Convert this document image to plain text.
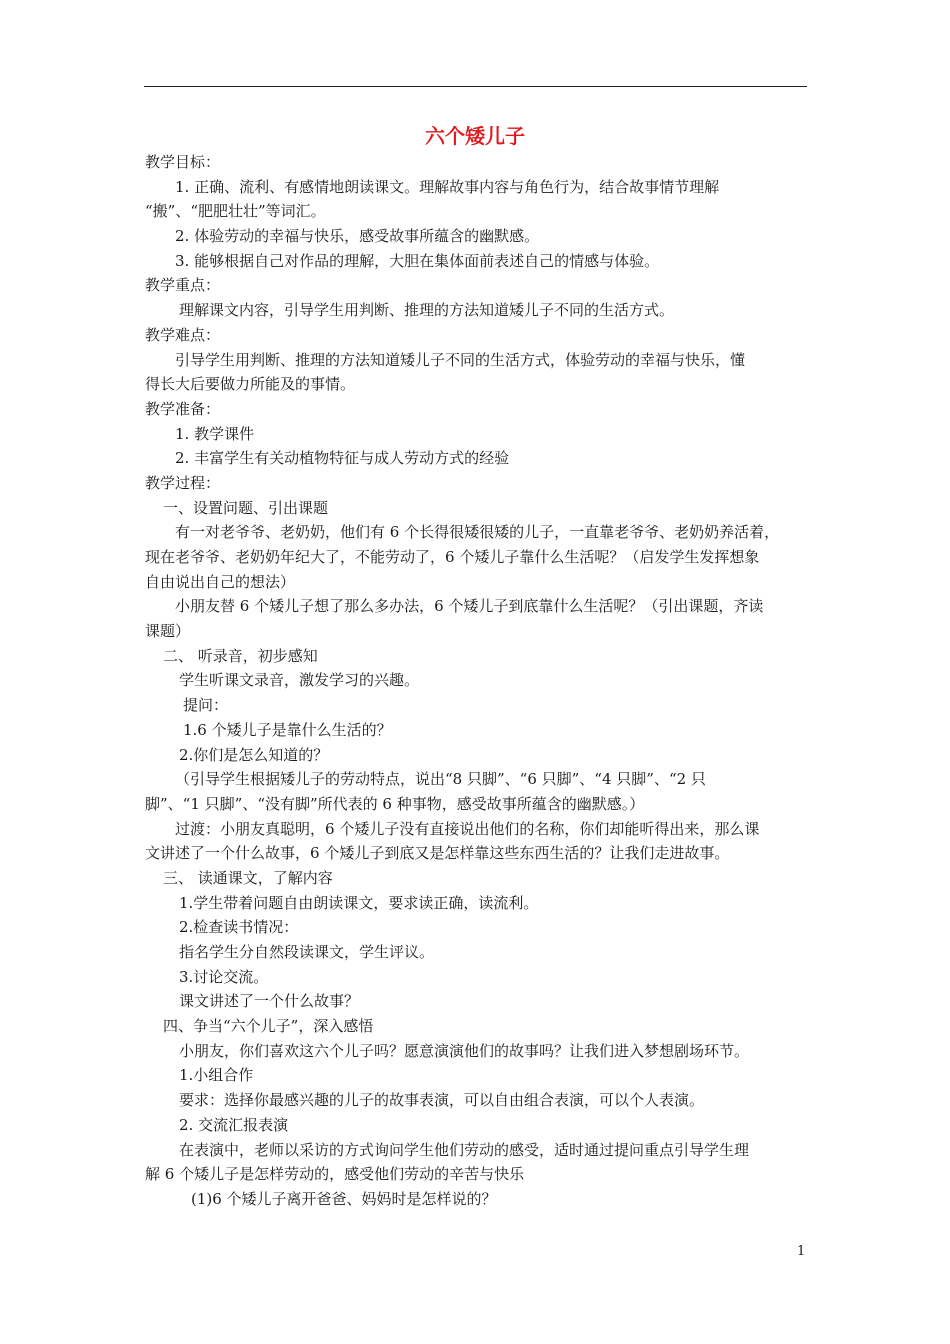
六个矮儿子
教学目标：
1. 正确、流利、有感情地朗读课文。理解故事内容与角色行为，结合故事情节理解
“搬”、“肥肥壮壮”等词汇。
2. 体验劳动的幸福与快乐，感受故事所蕴含的幽默感。
3. 能够根据自己对作品的理解，大胆在集体面前表述自己的情感与体验。
教学重点：
理解课文内容，引导学生用判断、推理的方法知道矮儿子不同的生活方式。
教学难点：
引导学生用判断、推理的方法知道矮儿子不同的生活方式，体验劳动的幸福与快乐，懂
得长大后要做力所能及的事情。
教学准备：
1. 教学课件
2. 丰富学生有关动植物特征与成人劳动方式的经验
教学过程：
一、设置问题、引出课题
有一对老爷爷、老奶奶，他们有 6 个长得很矮很矮的儿子，一直靠老爷爷、老奶奶养活着，
现在老爷爷、老奶奶年纪大了，不能劳动了，6 个矮儿子靠什么生活呢？（启发学生发挥想象
自由说出自己的想法）
小朋友替 6 个矮儿子想了那么多办法，6 个矮儿子到底靠什么生活呢？（引出课题，齐读
课题）
二、 听录音，初步感知
学生听课文录音，激发学习的兴趣。
提问：
1.6 个矮儿子是靠什么生活的？
2.你们是怎么知道的？
（引导学生根据矮儿子的劳动特点，说出“8 只脚”、“6 只脚”、“4 只脚”、“2 只
脚”、“1 只脚”、“没有脚”所代表的 6 种事物，感受故事所蕴含的幽默感。）
过渡：小朋友真聪明，6 个矮儿子没有直接说出他们的名称，你们却能听得出来，那么课
文讲述了一个什么故事，6 个矮儿子到底又是怎样靠这些东西生活的？让我们走进故事。
三、 读通课文，了解内容
1.学生带着问题自由朗读课文，要求读正确，读流利。
2.检查读书情况：
指名学生分自然段读课文，学生评议。
3.讨论交流。
课文讲述了一个什么故事？
四、争当“六个儿子”，深入感悟
小朋友，你们喜欢这六个儿子吗？愿意演演他们的故事吗？让我们进入梦想剧场环节。
1.小组合作
要求：选择你最感兴趣的儿子的故事表演，可以自由组合表演，可以个人表演。
2. 交流汇报表演
在表演中，老师以采访的方式询问学生他们劳动的感受，适时通过提问重点引导学生理
解 6 个矮儿子是怎样劳动的，感受他们劳动的辛苦与快乐
(1)6 个矮儿子离开爸爸、妈妈时是怎样说的？
1
